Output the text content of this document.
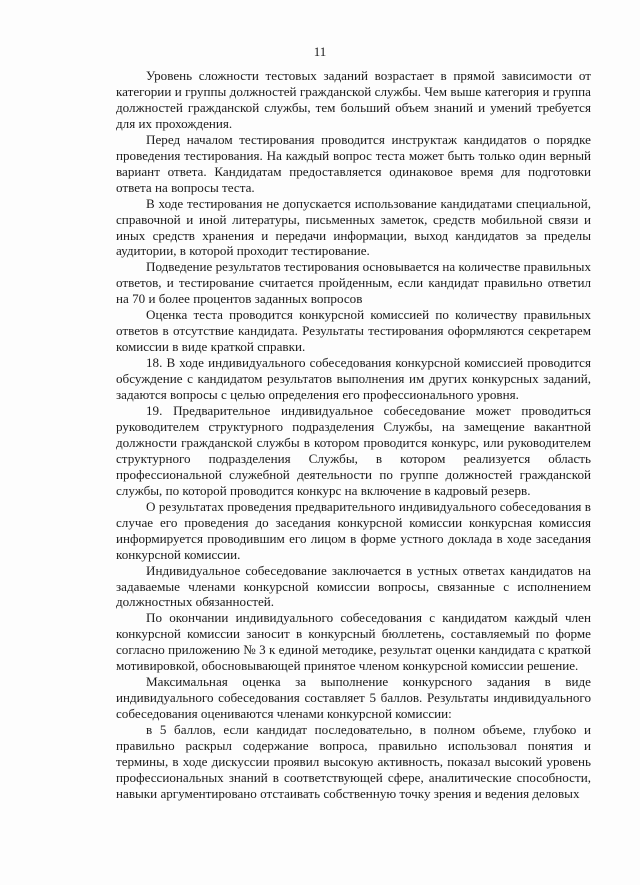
11

Уровень сложности тестовых заданий возрастает в прямой зависимости от категории и группы должностей гражданской службы. Чем выше категория и группа должностей гражданской службы, тем больший объем знаний и умений требуется для их прохождения.

Перед началом тестирования проводится инструктаж кандидатов о порядке проведения тестирования. На каждый вопрос теста может быть только один верный вариант ответа. Кандидатам предоставляется одинаковое время для подготовки ответа на вопросы теста.

В ходе тестирования не допускается использование кандидатами специальной, справочной и иной литературы, письменных заметок, средств мобильной связи и иных средств хранения и передачи информации, выход кандидатов за пределы аудитории, в которой проходит тестирование.

Подведение результатов тестирования основывается на количестве правильных ответов, и тестирование считается пройденным, если кандидат правильно ответил на 70 и более процентов заданных вопросов

Оценка теста проводится конкурсной комиссией по количеству правильных ответов в отсутствие кандидата. Результаты тестирования оформляются секретарем комиссии в виде краткой справки.

18. В ходе индивидуального собеседования конкурсной комиссией проводится обсуждение с кандидатом результатов выполнения им других конкурсных заданий, задаются вопросы с целью определения его профессионального уровня.

19. Предварительное индивидуальное собеседование может проводиться руководителем структурного подразделения Службы, на замещение вакантной должности гражданской службы в котором проводится конкурс, или руководителем структурного подразделения Службы, в котором реализуется область профессиональной служебной деятельности по группе должностей гражданской службы, по которой проводится конкурс на включение в кадровый резерв.

О результатах проведения предварительного индивидуального собеседования в случае его проведения до заседания конкурсной комиссии конкурсная комиссия информируется проводившим его лицом в форме устного доклада в ходе заседания конкурсной комиссии.

Индивидуальное собеседование заключается в устных ответах кандидатов на задаваемые членами конкурсной комиссии вопросы, связанные с исполнением должностных обязанностей.

По окончании индивидуального собеседования с кандидатом каждый член конкурсной комиссии заносит в конкурсный бюллетень, составляемый по форме согласно приложению № 3 к единой методике, результат оценки кандидата с краткой мотивировкой, обосновывающей принятое членом конкурсной комиссии решение.

Максимальная оценка за выполнение конкурсного задания в виде индивидуального собеседования составляет 5 баллов. Результаты индивидуального собеседования оцениваются членами конкурсной комиссии:

в 5 баллов, если кандидат последовательно, в полном объеме, глубоко и правильно раскрыл содержание вопроса, правильно использовал понятия и термины, в ходе дискуссии проявил высокую активность, показал высокий уровень профессиональных знаний в соответствующей сфере, аналитические способности, навыки аргументировано отстаивать собственную точку зрения и ведения деловых
